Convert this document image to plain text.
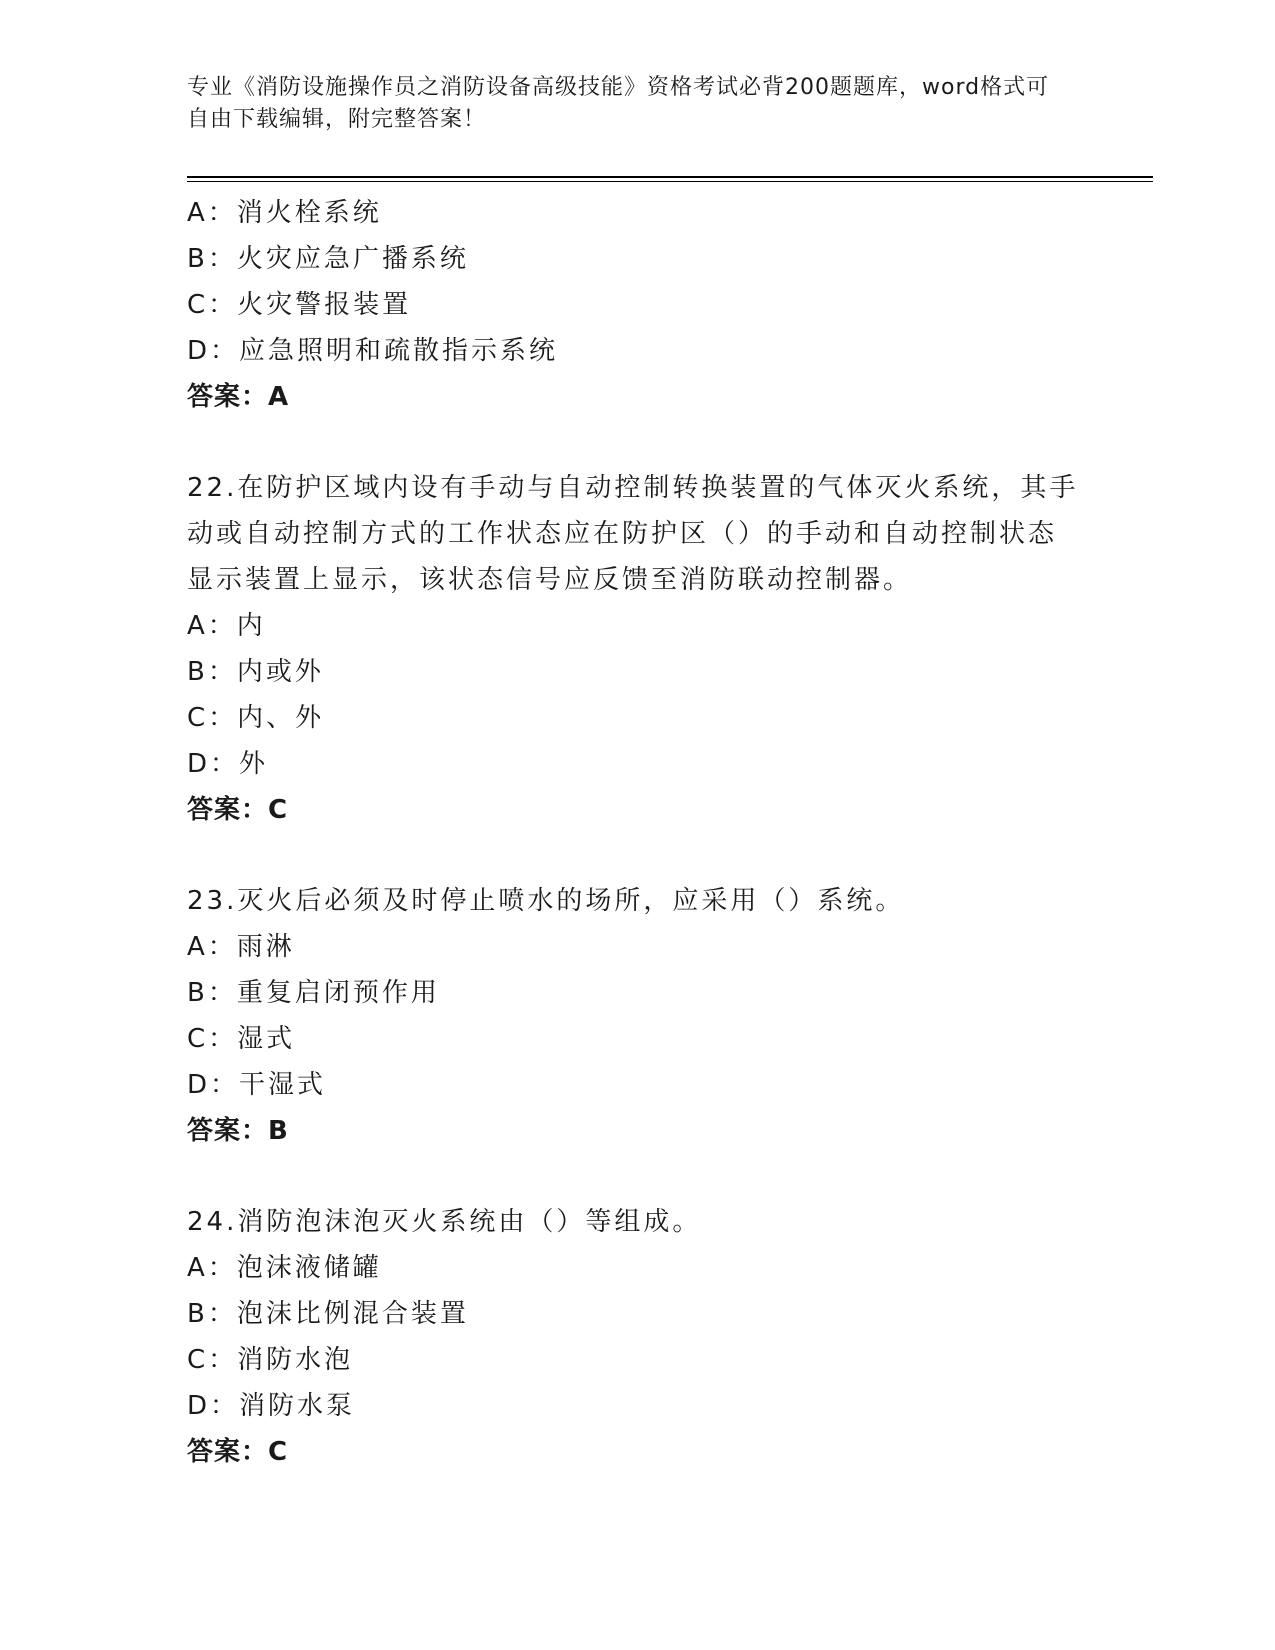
专业《消防设施操作员之消防设备高级技能》资格考试必背200题题库，word格式可自由下载编辑，附完整答案！
A：消火栓系统
B：火灾应急广播系统
C：火灾警报装置
D：应急照明和疏散指示系统
答案：A
22.在防护区域内设有手动与自动控制转换装置的气体灭火系统，其手
动或自动控制方式的工作状态应在防护区（）的手动和自动控制状态
显示装置上显示，该状态信号应反馈至消防联动控制器。
A：内
B：内或外
C：内、外
D：外
答案：C
23.灭火后必须及时停止喷水的场所，应采用（）系统。
A：雨淋
B：重复启闭预作用
C：湿式
D：干湿式
答案：B
24.消防泡沫泡灭火系统由（）等组成。
A：泡沫液储罐
B：泡沫比例混合装置
C：消防水泡
D：消防水泵
答案：C
